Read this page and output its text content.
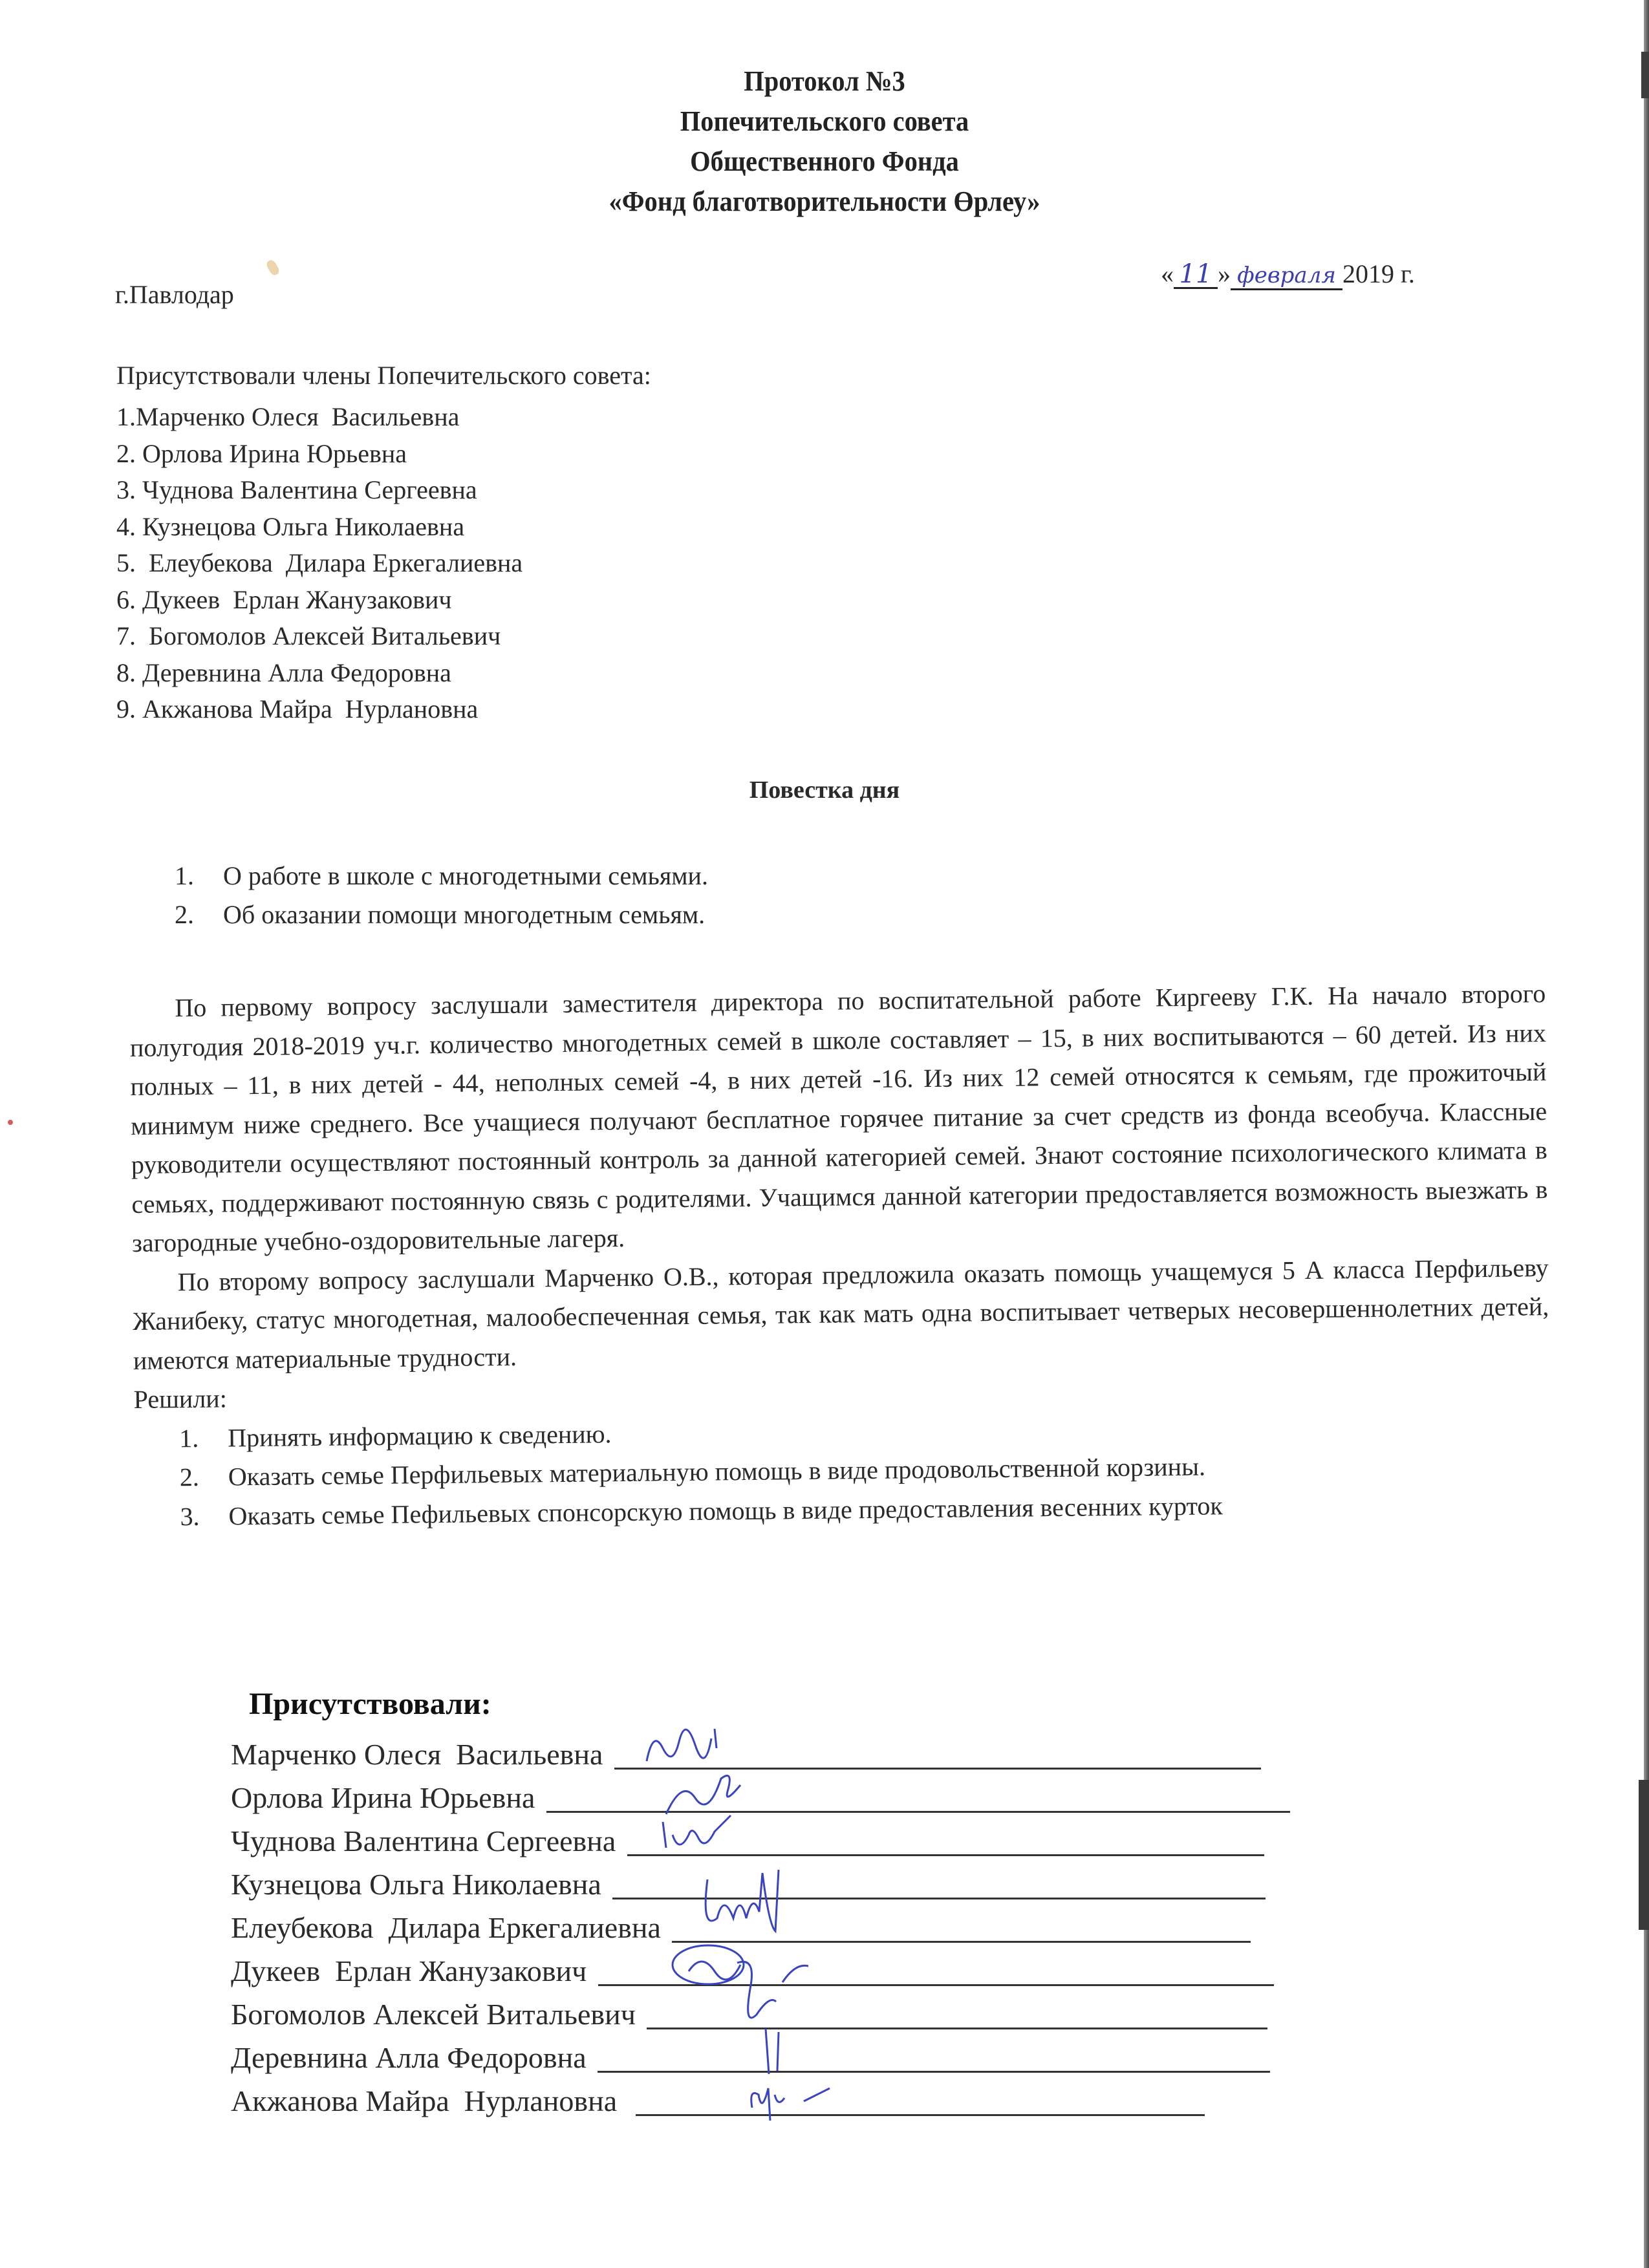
Протокол №3
Попечительского совета
Общественного Фонда
«Фонд благотворительности Өрлеу»
г.Павлодар
« 11 » февраля 2019 г.
Присутствовали члены Попечительского совета:
1.Марченко Олеся  Васильевна
2. Орлова Ирина Юрьевна
3. Чуднова Валентина Сергеевна
4. Кузнецова Ольга Николаевна
5.  Елеубекова  Дилара Еркегалиевна
6. Дукеев  Ерлан Жанузакович
7.  Богомолов Алексей Витальевич
8. Деревнина Алла Федоровна
9. Акжанова Майра  Нурлановна
Повестка дня
1. О работе в школе с многодетными семьями.
2. Об оказании помощи многодетным семьям.

По первому вопросу заслушали заместителя директора по воспитательной работе Киргееву Г.К. На начало второго полугодия 2018-2019 уч.г. количество многодетных семей в школе составляет – 15, в них воспитываются – 60 детей. Из них полных – 11, в них детей - 44, неполных семей -4, в них детей -16. Из них 12 семей относятся к семьям, где прожиточый минимум ниже среднего. Все учащиеся получают бесплатное горячее питание за счет средств из фонда всеобуча. Классные руководители осуществляют постоянный контроль за данной категорией семей. Знают состояние психологического климата в семьях, поддерживают постоянную связь с родителями. Учащимся данной категории предоставляется возможность выезжать в загородные учебно-оздоровительные лагеря.

По второму вопросу заслушали Марченко О.В., которая предложила оказать помощь учащемуся 5 А класса Перфильеву Жанибеку, статус многодетная, малообеспеченная семья, так как мать одна воспитывает четверых несовершеннолетних детей, имеются материальные трудности.

Решили:
1. Принять информацию к сведению.
2. Оказать семье Перфильевых материальную помощь в виде продовольственной корзины.
3. Оказать семье Пефильевых спонсорскую помощь в виде предоставления весенних курток
Присутствовали:
Марченко Олеся  Васильевна
Орлова Ирина Юрьевна
Чуднова Валентина Сергеевна
Кузнецова Ольга Николаевна
Елеубекова  Дилара Еркегалиевна
Дукеев  Ерлан Жанузакович
Богомолов Алексей Витальевич
Деревнина Алла Федоровна
Акжанова Майра  Нурлановна
